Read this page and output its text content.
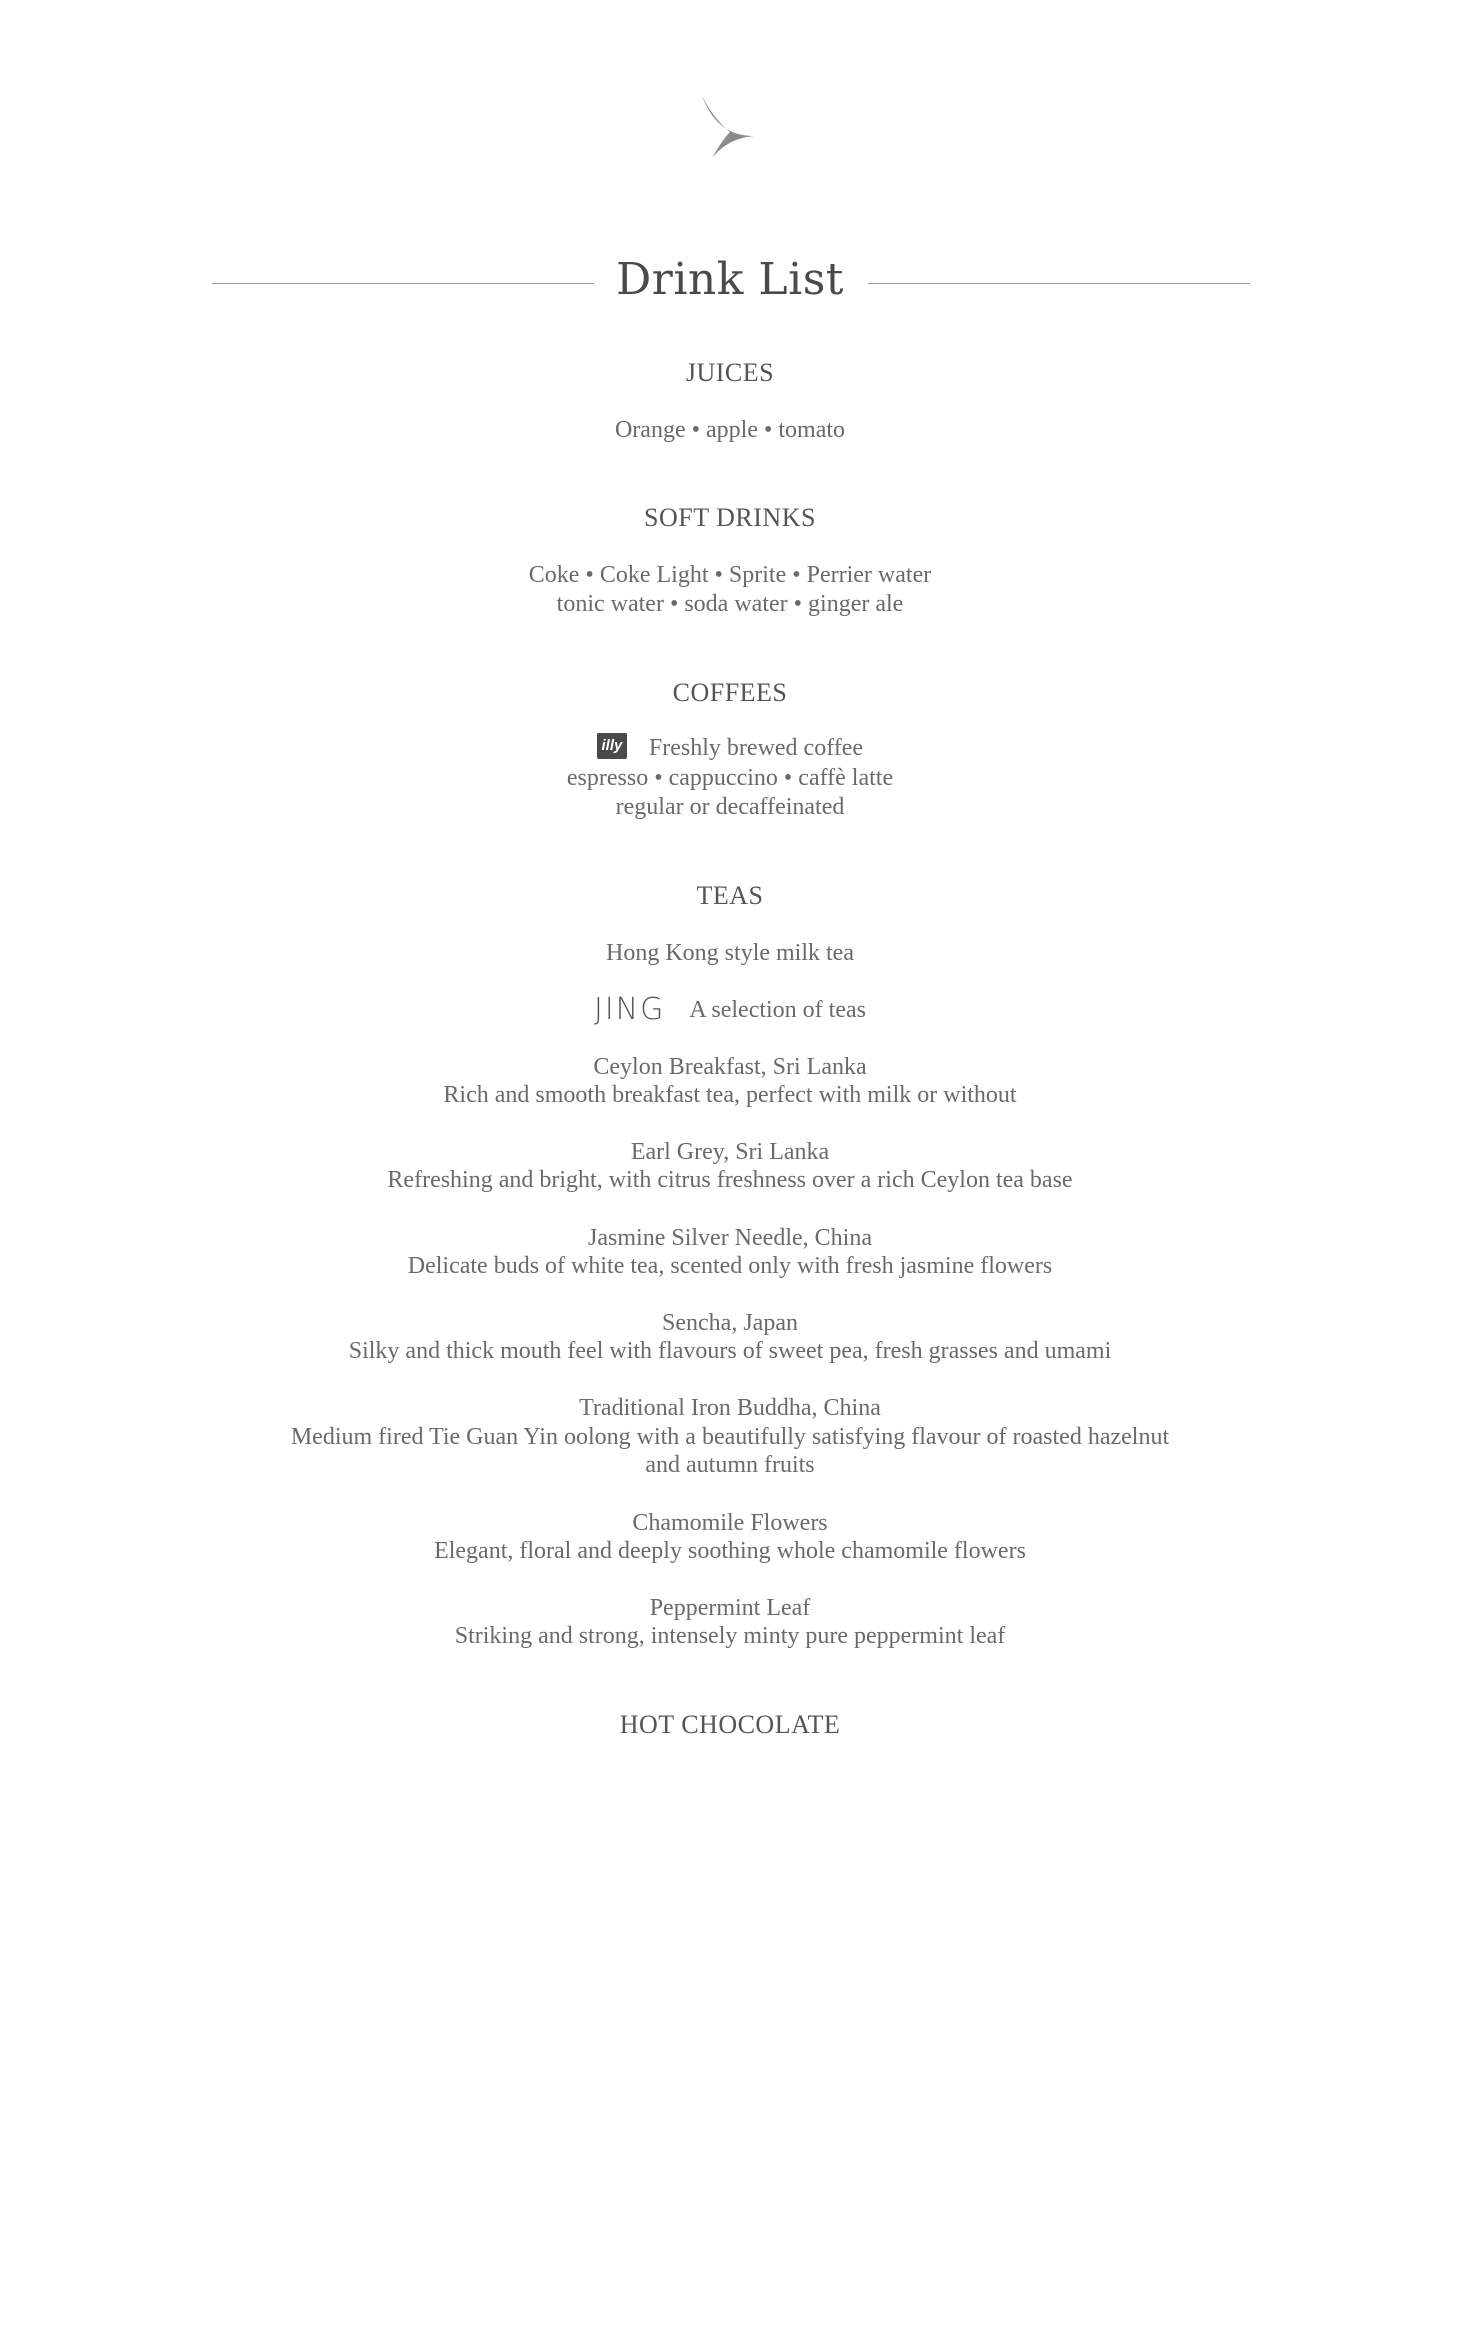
Drink List
JUICES
Orange • apple • tomato
SOFT DRINKS
Coke • Coke Light • Sprite • Perrier water
tonic water • soda water • ginger ale
COFFEES
illy Freshly brewed coffee
espresso • cappuccino • caffè latte
regular or decaffeinated
TEAS
Hong Kong style milk tea
JING A selection of teas
Ceylon Breakfast, Sri Lanka
Rich and smooth breakfast tea, perfect with milk or without
Earl Grey, Sri Lanka
Refreshing and bright, with citrus freshness over a rich Ceylon tea base
Jasmine Silver Needle, China
Delicate buds of white tea, scented only with fresh jasmine flowers
Sencha, Japan
Silky and thick mouth feel with flavours of sweet pea, fresh grasses and umami
Traditional Iron Buddha, China
Medium fired Tie Guan Yin oolong with a beautifully satisfying flavour of roasted hazelnut
and autumn fruits
Chamomile Flowers
Elegant, floral and deeply soothing whole chamomile flowers
Peppermint Leaf
Striking and strong, intensely minty pure peppermint leaf
HOT CHOCOLATE
